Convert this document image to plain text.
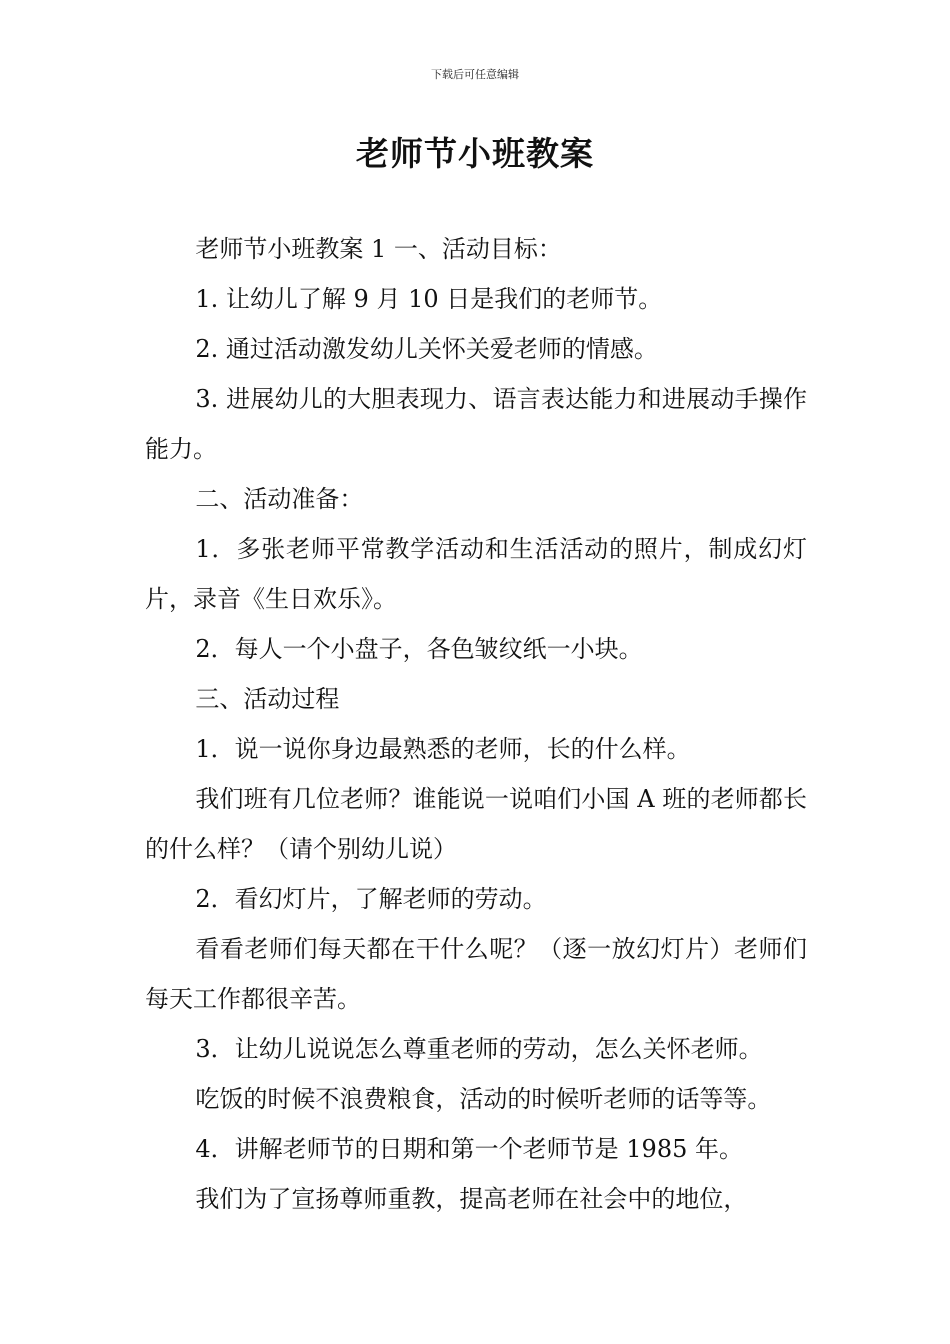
下载后可任意编辑
老师节小班教案

老师节小班教案 1 一、活动目标：

1. 让幼儿了解 9 月 10 日是我们的老师节。

2. 通过活动激发幼儿关怀关爱老师的情感。

3. 进展幼儿的大胆表现力、语言表达能力和进展动手操作能力。

二、活动准备：

1．多张老师平常教学活动和生活活动的照片，制成幻灯片，录音《生日欢乐》。

2．每人一个小盘子，各色皱纹纸一小块。

三、活动过程

1．说一说你身边最熟悉的老师，长的什么样。

我们班有几位老师？谁能说一说咱们小国 A 班的老师都长的什么样？（请个别幼儿说）

2．看幻灯片，了解老师的劳动。

看看老师们每天都在干什么呢？（逐一放幻灯片）老师们每天工作都很辛苦。

3．让幼儿说说怎么尊重老师的劳动，怎么关怀老师。

吃饭的时候不浪费粮食，活动的时候听老师的话等等。

4．讲解老师节的日期和第一个老师节是 1985 年。

我们为了宣扬尊师重教，提高老师在社会中的地位，
